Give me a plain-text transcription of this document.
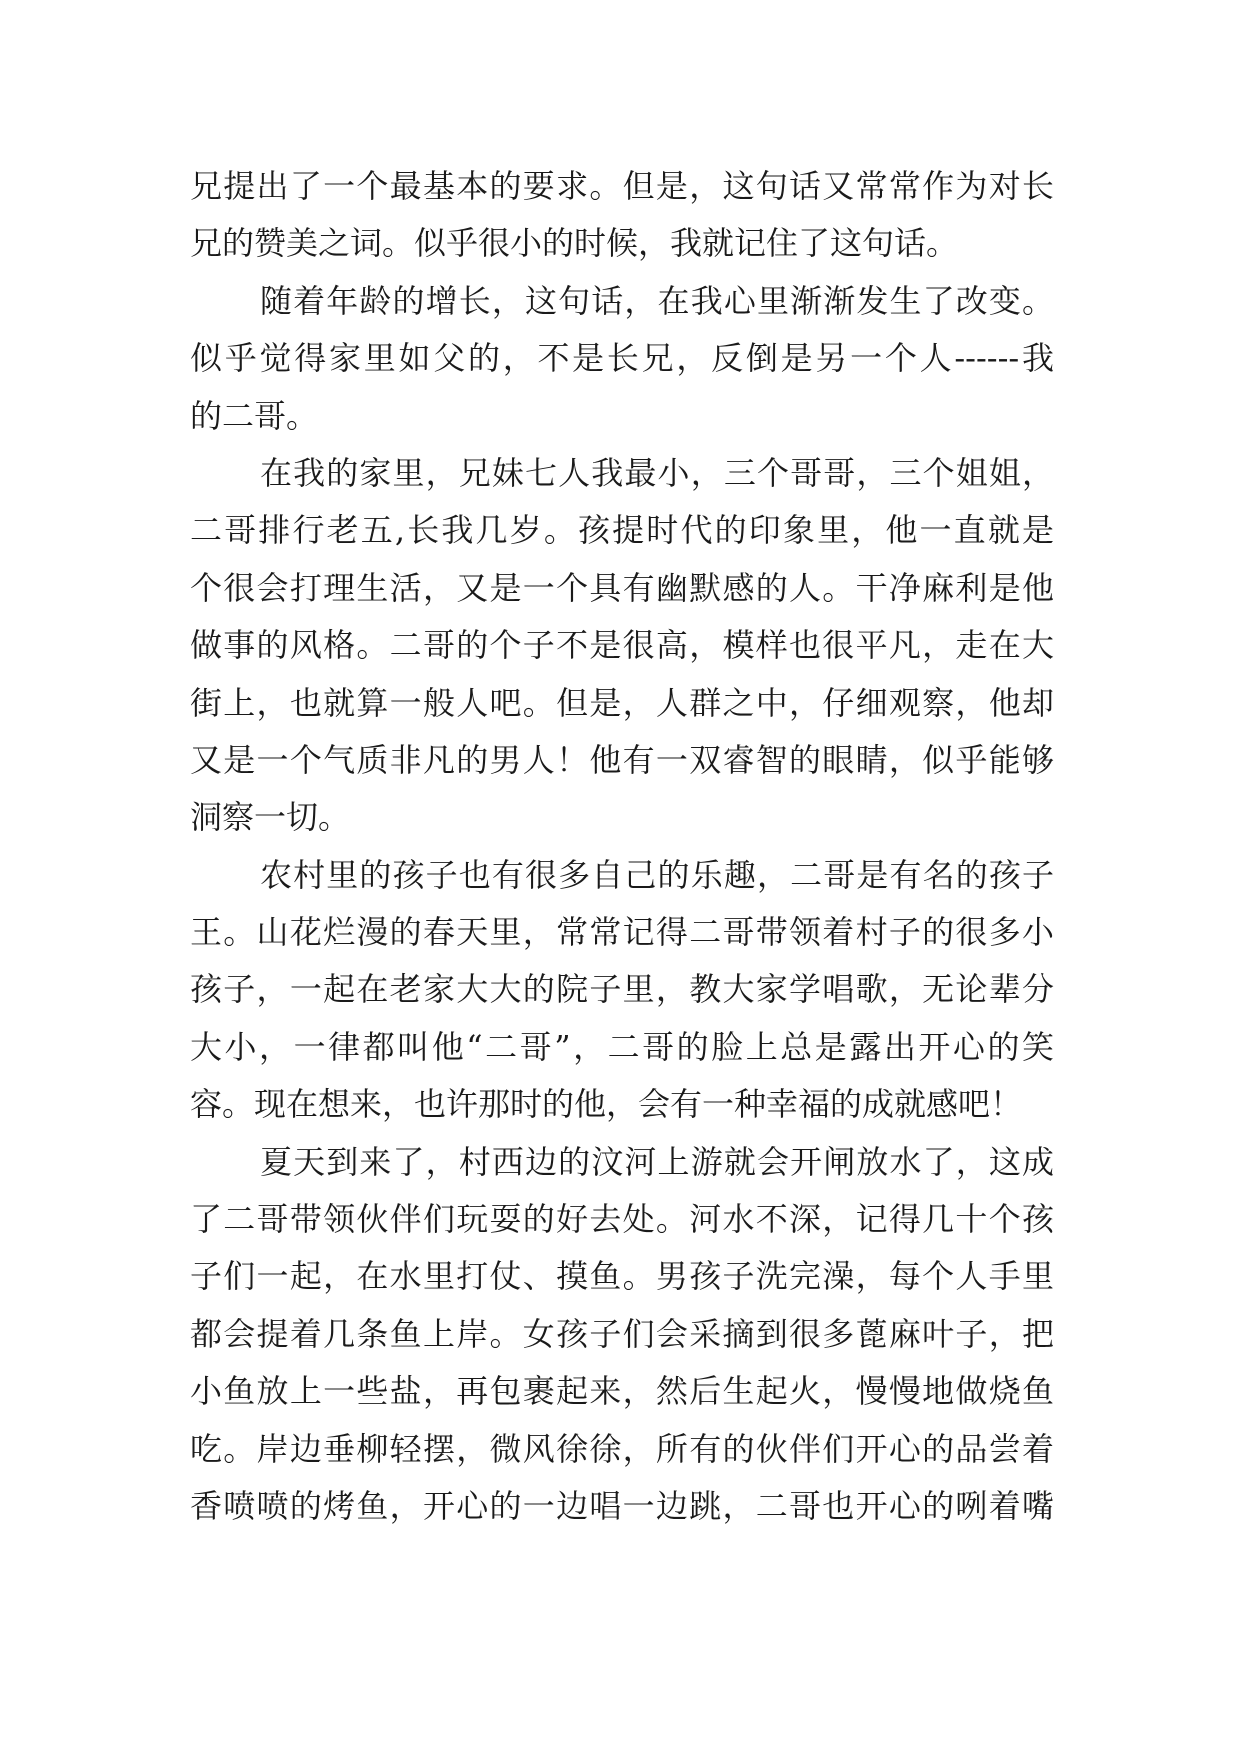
兄提出了一个最基本的要求。但是，这句话又常常作为对长
兄的赞美之词。似乎很小的时候，我就记住了这句话。
随着年龄的增长，这句话，在我心里渐渐发生了改变。
似乎觉得家里如父的，不是长兄，反倒是另一个人------我
的二哥。
在我的家里，兄妹七人我最小，三个哥哥，三个姐姐，
二哥排行老五,长我几岁。孩提时代的印象里，他一直就是
个很会打理生活，又是一个具有幽默感的人。干净麻利是他
做事的风格。二哥的个子不是很高，模样也很平凡，走在大
街上，也就算一般人吧。但是，人群之中，仔细观察，他却
又是一个气质非凡的男人！他有一双睿智的眼睛，似乎能够
洞察一切。
农村里的孩子也有很多自己的乐趣，二哥是有名的孩子
王。山花烂漫的春天里，常常记得二哥带领着村子的很多小
孩子，一起在老家大大的院子里，教大家学唱歌，无论辈分
大小，一律都叫他“二哥”，二哥的脸上总是露出开心的笑
容。现在想来，也许那时的他，会有一种幸福的成就感吧！
夏天到来了，村西边的汶河上游就会开闸放水了，这成
了二哥带领伙伴们玩耍的好去处。河水不深，记得几十个孩
子们一起，在水里打仗、摸鱼。男孩子洗完澡，每个人手里
都会提着几条鱼上岸。女孩子们会采摘到很多蓖麻叶子，把
小鱼放上一些盐，再包裹起来，然后生起火，慢慢地做烧鱼
吃。岸边垂柳轻摆，微风徐徐，所有的伙伴们开心的品尝着
香喷喷的烤鱼，开心的一边唱一边跳，二哥也开心的咧着嘴
